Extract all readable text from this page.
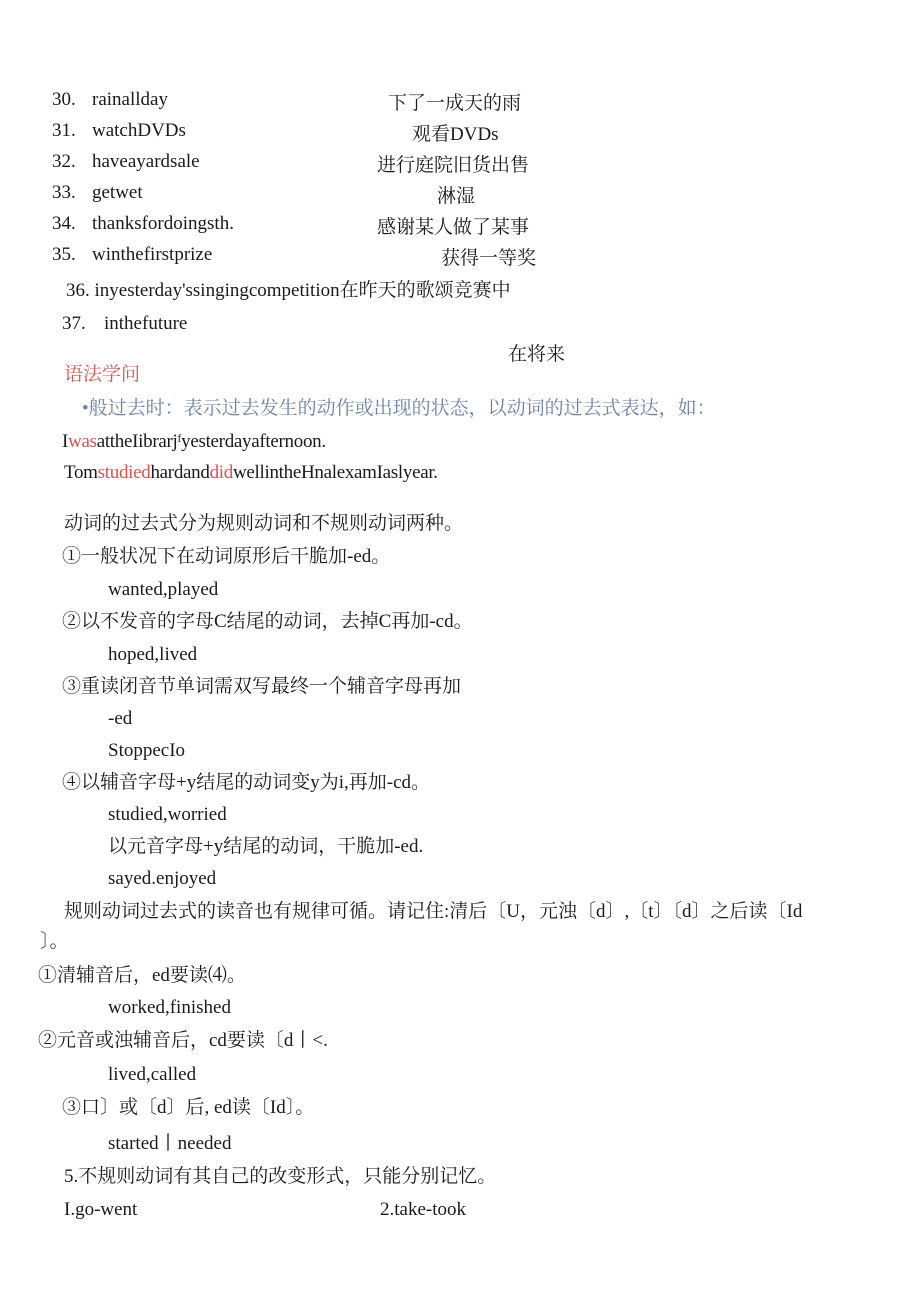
30. rainallday	下了一成天的雨
31. watchDVDs	观看DVDs
32. haveayardsale	进行庭院旧货出售
33. getwet	淋湿
34. thanksfordoingsth.	感谢某人做了某事
35. winthefirstprize	获得一等奖
36. inyesterday'ssingingcompetition在昨天的歌颂竞赛中
37. inthefuture
在将来
语法学问
•般过去时：表示过去发生的动作或出现的状态，以动词的过去式表达，如：
IwasattheIibrarjᶠyesterdayafternoon.
TomstudiedhardanddidwellintheHnalexamIaslyear.
动词的过去式分为规则动词和不规则动词两种。
①一般状况下在动词原形后干脆加-ed。
wanted,played
②以不发音的字母C结尾的动词，去掉C再加-cd。
hoped,lived
③重读闭音节单词需双写最终一个辅音字母再加
-ed
StoppecIo
④以辅音字母+y结尾的动词变y为i,再加-cd。
studied,worried
以元音字母+y结尾的动词，干脆加-ed.
sayed.enjoyed
规则动词过去式的读音也有规律可循。请记住:清后〔U，元浊〔d〕,〔t〕〔d〕之后读〔Id
〕。
①清辅音后，ed要读⑷。
worked,finished
②元音或浊辅音后，cd要读〔d丨<.
lived,called
③口〕或〔d〕后, ed读〔Id〕。
started丨needed
5.不规则动词有其自己的改变形式，只能分别记忆。
I.go-went	2.take-took
